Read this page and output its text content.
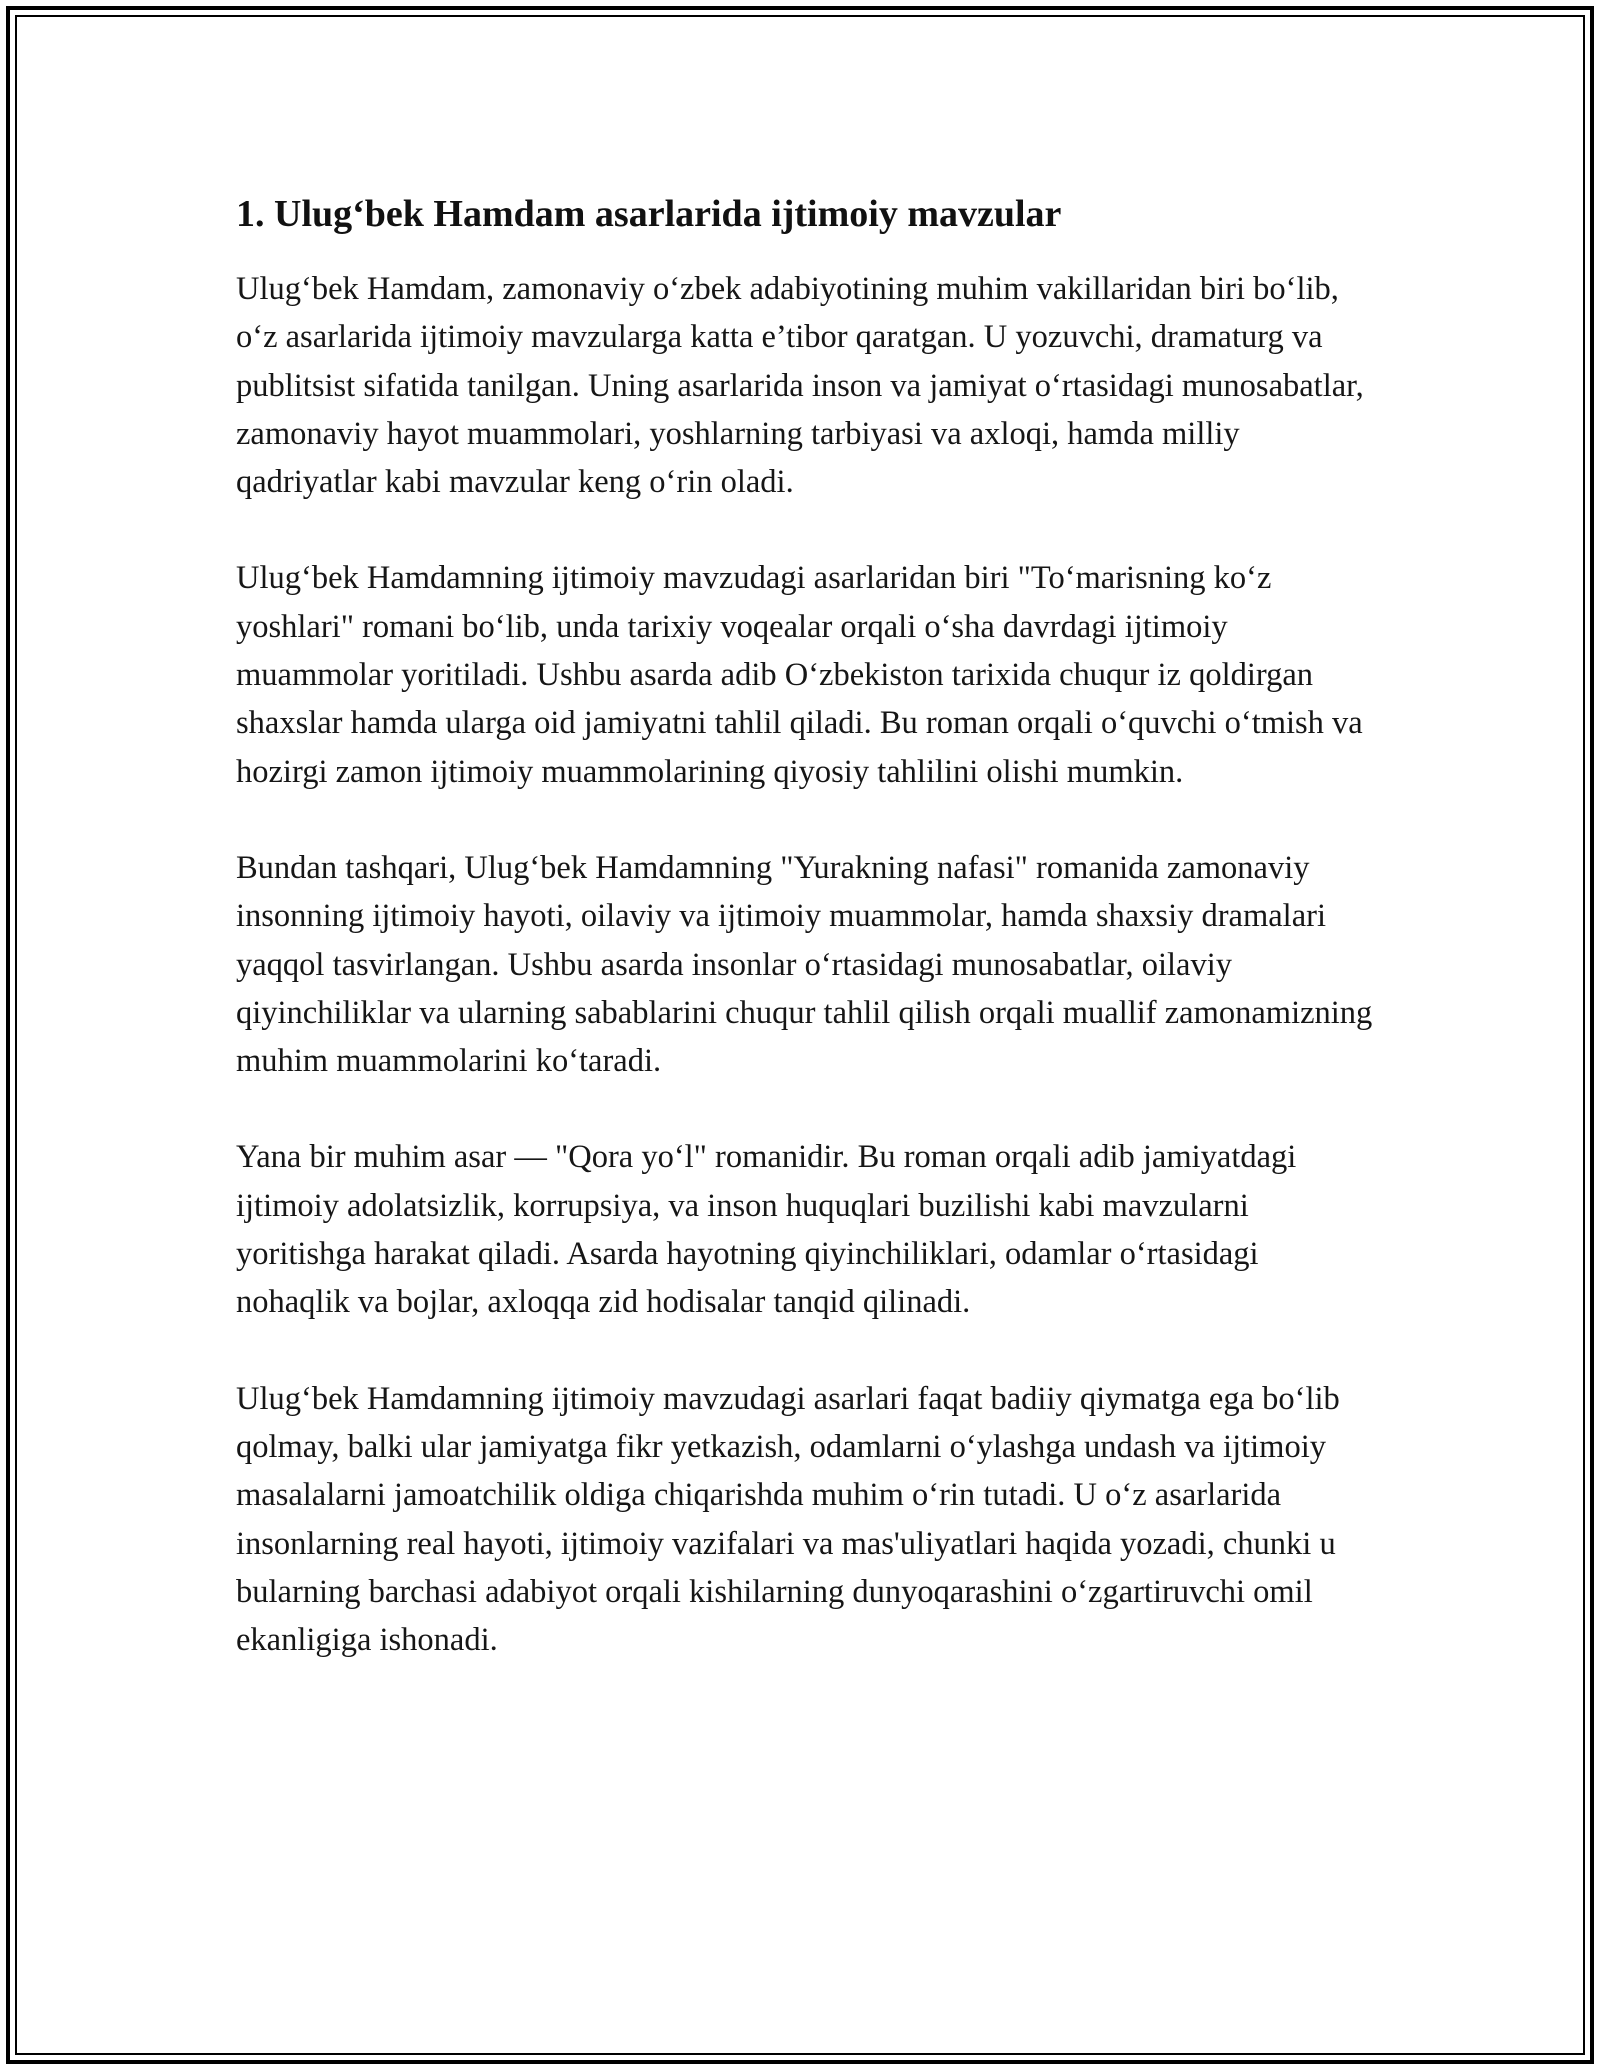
1. Ulug‘bek Hamdam asarlarida ijtimoiy mavzular

Ulug‘bek Hamdam, zamonaviy o‘zbek adabiyotining muhim vakillaridan biri bo‘lib, o‘z asarlarida ijtimoiy mavzularga katta e’tibor qaratgan. U yozuvchi, dramaturg va publitsist sifatida tanilgan. Uning asarlarida inson va jamiyat o‘rtasidagi munosabatlar, zamonaviy hayot muammolari, yoshlarning tarbiyasi va axloqi, hamda milliy qadriyatlar kabi mavzular keng o‘rin oladi.

Ulug‘bek Hamdamning ijtimoiy mavzudagi asarlaridan biri "To‘marisning ko‘z yoshlari" romani bo‘lib, unda tarixiy voqealar orqali o‘sha davrdagi ijtimoiy muammolar yoritiladi. Ushbu asarda adib O‘zbekiston tarixida chuqur iz qoldirgan shaxslar hamda ularga oid jamiyatni tahlil qiladi. Bu roman orqali o‘quvchi o‘tmish va hozirgi zamon ijtimoiy muammolarining qiyosiy tahlilini olishi mumkin.

Bundan tashqari, Ulug‘bek Hamdamning "Yurakning nafasi" romanida zamonaviy insonning ijtimoiy hayoti, oilaviy va ijtimoiy muammolar, hamda shaxsiy dramalari yaqqol tasvirlangan. Ushbu asarda insonlar o‘rtasidagi munosabatlar, oilaviy qiyinchiliklar va ularning sabablarini chuqur tahlil qilish orqali muallif zamonamizning muhim muammolarini ko‘taradi.

Yana bir muhim asar — "Qora yo‘l" romanidir. Bu roman orqali adib jamiyatdagi ijtimoiy adolatsizlik, korrupsiya, va inson huquqlari buzilishi kabi mavzularni yoritishga harakat qiladi. Asarda hayotning qiyinchiliklari, odamlar o‘rtasidagi nohaqlik va bojlar, axloqqa zid hodisalar tanqid qilinadi.

Ulug‘bek Hamdamning ijtimoiy mavzudagi asarlari faqat badiiy qiymatga ega bo‘lib qolmay, balki ular jamiyatga fikr yetkazish, odamlarni o‘ylashga undash va ijtimoiy masalalarni jamoatchilik oldiga chiqarishda muhim o‘rin tutadi. U o‘z asarlarida insonlarning real hayoti, ijtimoiy vazifalari va mas'uliyatlari haqida yozadi, chunki u bularning barchasi adabiyot orqali kishilarning dunyoqarashini o‘zgartiruvchi omil ekanligiga ishonadi.
